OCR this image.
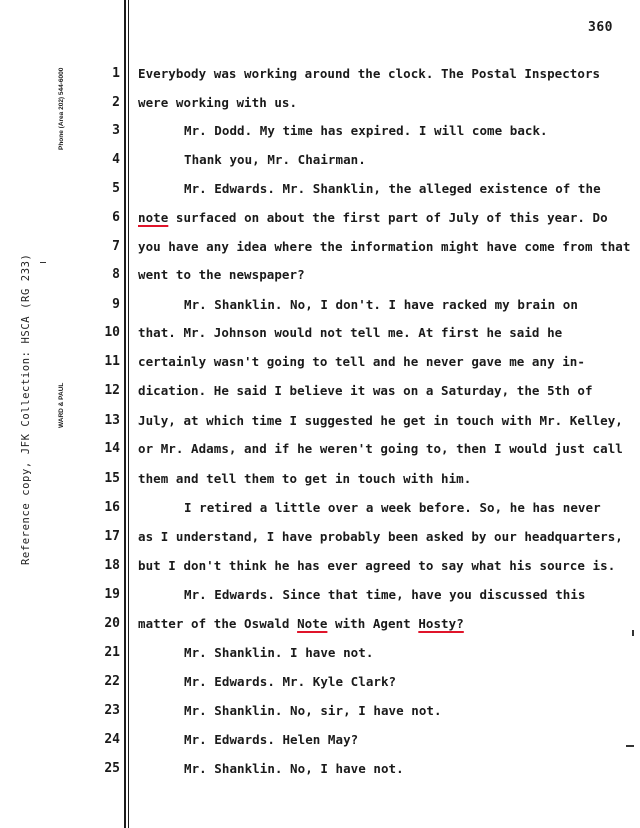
360
Phone (Area 202) 544-6000
WARD & PAUL
Reference copy, JFK Collection: HSCA (RG 233)
1
2
3
4
5
6
7
8
9
10
11
12
13
14
15
16
17
18
19
20
21
22
23
24
25
Everybody was working around the clock. The Postal Inspectors
were working with us.
Mr. Dodd. My time has expired. I will come back.
Thank you, Mr. Chairman.
Mr. Edwards. Mr. Shanklin, the alleged existence of the
note surfaced on about the first part of July of this year. Do
you have any idea where the information might have come from that
went to the newspaper?
Mr. Shanklin. No, I don't. I have racked my brain on
that. Mr. Johnson would not tell me. At first he said he
certainly wasn't going to tell and he never gave me any in-
dication. He said I believe it was on a Saturday, the 5th of
July, at which time I suggested he get in touch with Mr. Kelley,
or Mr. Adams, and if he weren't going to, then I would just call
them and tell them to get in touch with him.
I retired a little over a week before. So, he has never
as I understand, I have probably been asked by our headquarters,
but I don't think he has ever agreed to say what his source is.
Mr. Edwards. Since that time, have you discussed this
matter of the Oswald Note with Agent Hosty?
Mr. Shanklin. I have not.
Mr. Edwards. Mr. Kyle Clark?
Mr. Shanklin. No, sir, I have not.
Mr. Edwards. Helen May?
Mr. Shanklin. No, I have not.
